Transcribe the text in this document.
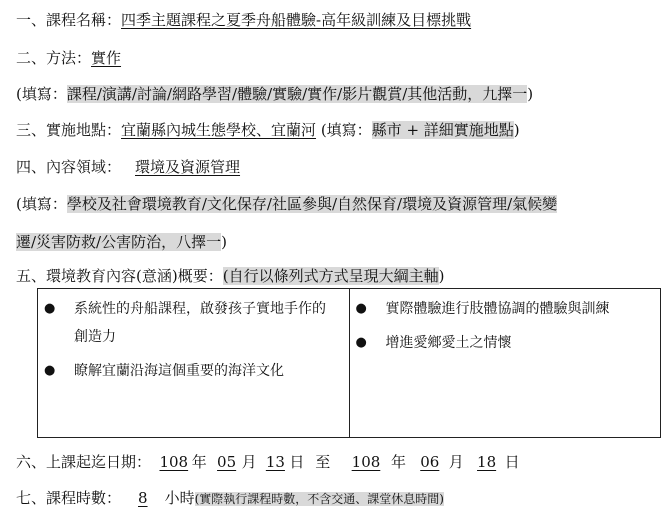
一、課程名稱：四季主題課程之夏季舟船體驗-高年級訓練及目標挑戰
二、方法：實作
(填寫：課程/演講/討論/網路學習/體驗/實驗/實作/影片觀賞/其他活動，九擇一)
三、實施地點：宜蘭縣內城生態學校、宜蘭河 (填寫：縣市 + 詳細實施地點)
四、內容領域： 環境及資源管理
(填寫：學校及社會環境教育/文化保存/社區參與/自然保育/環境及資源管理/氣候變
遷/災害防救/公害防治，八擇一)
五、環境教育內容(意涵)概要：(自行以條列式方式呈現大綱主軸)
●	系統性的舟船課程，啟發孩子實地手作的創造力
●	瞭解宜蘭沿海這個重要的海洋文化
●	實際體驗進行肢體協調的體驗與訓練
●	增進愛鄉愛土之情懷
六、上課起迄日期： 108 年 05 月 13 日 至 108 年 06 月 18 日
七、課程時數： 8 小時(實際執行課程時數，不含交通、課堂休息時間)
